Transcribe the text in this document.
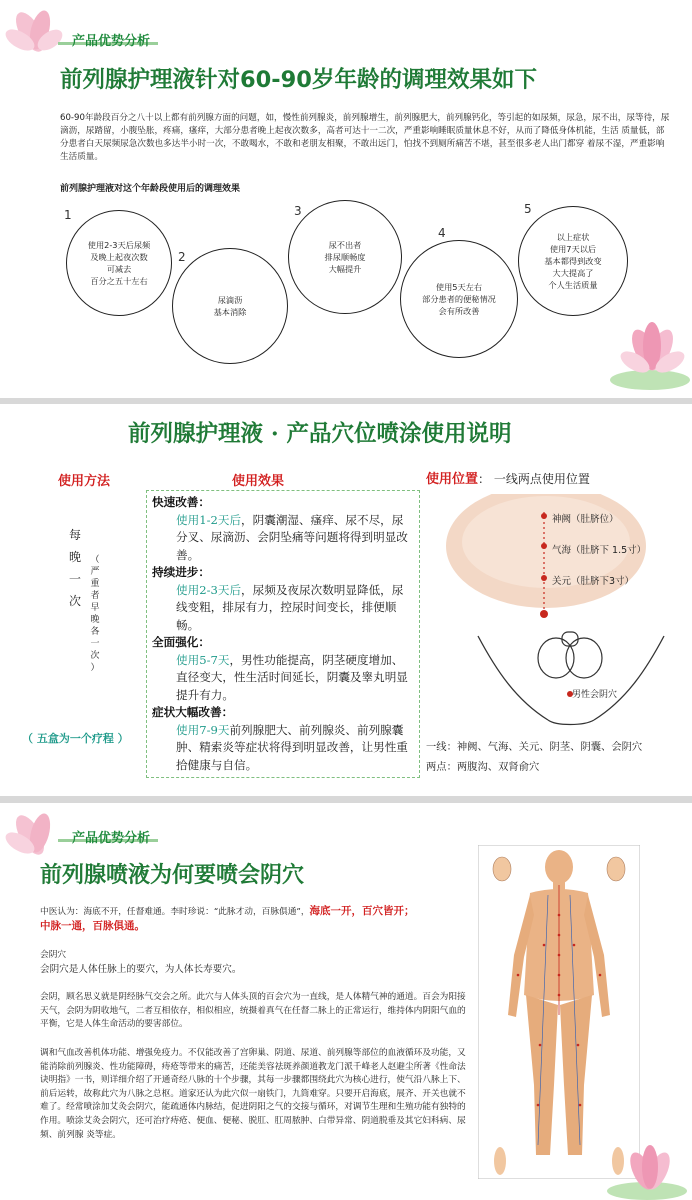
产品优势分析
前列腺护理液针对60-90岁年龄的调理效果如下
60-90年龄段百分之八十以上都有前列腺方面的问题，如，慢性前列腺炎，前列腺增生，前列腺肥大，前列腺钙化，等引起的如尿频，尿急，尿不出，尿等待，尿滴沥，尿踏留，小腹坠胀，疼痛，瘙痒，大部分患者晚上起夜次数多，高者可达十一二次，严重影响睡眠质量休息不好，从而了降低身体机能，生活 质量低，部分患者白天尿频尿急次数也多达半小时一次，不敢喝水，不敢和老朋友相聚，不敢出远门，怕找不到厕所痛苦不堪，甚至很多老人出门都穿 着尿不湿，严重影响生活质量。
前列腺护理液对这个年龄段使用后的调理效果
1
使用2-3天后尿频
及晚上起夜次数
可减去
百分之五十左右
2
尿滴沥
基本消除
3
尿不出者
排尿顺畅度
大幅提升
4
使用5天左右
部分患者的便秘情况
会有所改善
5
以上症状
使用7天以后
基本都得到改变
大大提高了
个人生活质量
前列腺护理液 · 产品穴位喷涂使用说明
使用方法
每
晚
一
次
（
严
重
者
早
晚
各
一
次
）
（ 五盒为一个疗程 ）
使用效果
快速改善：
使用1-2天后，阴囊潮湿、瘙痒、尿不尽，尿分叉、尿滴沥、会阴坠痛等问题将得到明显改善。
持续进步：
使用2-3天后，尿频及夜尿次数明显降低，尿线变粗，排尿有力，控尿时间变长，排便顺畅。
全面强化：
使用5-7天，男性功能提高，阴茎硬度增加、直径变大，性生活时间延长，阴囊及睾丸明显提升有力。
症状大幅改善：
使用7-9天前列腺肥大、前列腺炎、前列腺囊肿、精索炎等症状将得到明显改善，让男性重拾健康与自信。
使用位置： 一线两点使用位置
神阙（肚脐位）
气海（肚脐下 1.5寸）
关元（肚脐下3寸）
男性会阴穴
一线：神阙、气海、关元、阴茎、阴囊、会阴穴
两点：两腹沟、双肾俞穴
产品优势分析
前列腺喷液为何要喷会阴穴
中医认为：海底不开，任督难通。李时珍说：“此脉才动，百脉俱通”，海底一开，百穴皆开；
中脉一通，百脉俱通。
会阴穴
会阴穴是人体任脉上的要穴，为人体长寿要穴。
会阴，顾名思义就是阴经脉气交会之所。此穴与人体头顶的百会穴为一直线，是人体精气神的通道。百会为阳接天气，会阴为阴收地气，二者互相依存，相似相应，统摄着真气在任督二脉上的正常运行，维持体内阴阳气血的平衡，它是人体生命活动的要害部位。
调和气血改善机体功能、增强免疫力。不仅能改善了宫卵巢、阴道、尿道、前列腺等部位的血液循环及功能，又能消除前列腺炎、性功能障碍，痔疮等带来的痛苦，还能美容祛斑养颜道教龙门派千峰老人赵避尘所著《性命法诀明指》一书，则详细介绍了开通奇经八脉的十个步骤，其每一步骤都围绕此穴为核心进行，使气沿八脉上下、前后运转，故称此穴为八脉之总枢。道家还认为此穴似一扇铁门，九筒难穿。只要开启海底，展齐、开关也就不难了。经常喷涂加艾灸会阴穴，能疏通体内脉结，促进阴阳之气的交接与循环，对调节生理和生殖功能有独特的作用。喷涂艾灸会阴穴，还可治疗痔疮、便血、便秘、脱肛、肛周脓肿、白带异常、阴道脱垂及其它妇科病、尿频、前列腺 炎等症。
